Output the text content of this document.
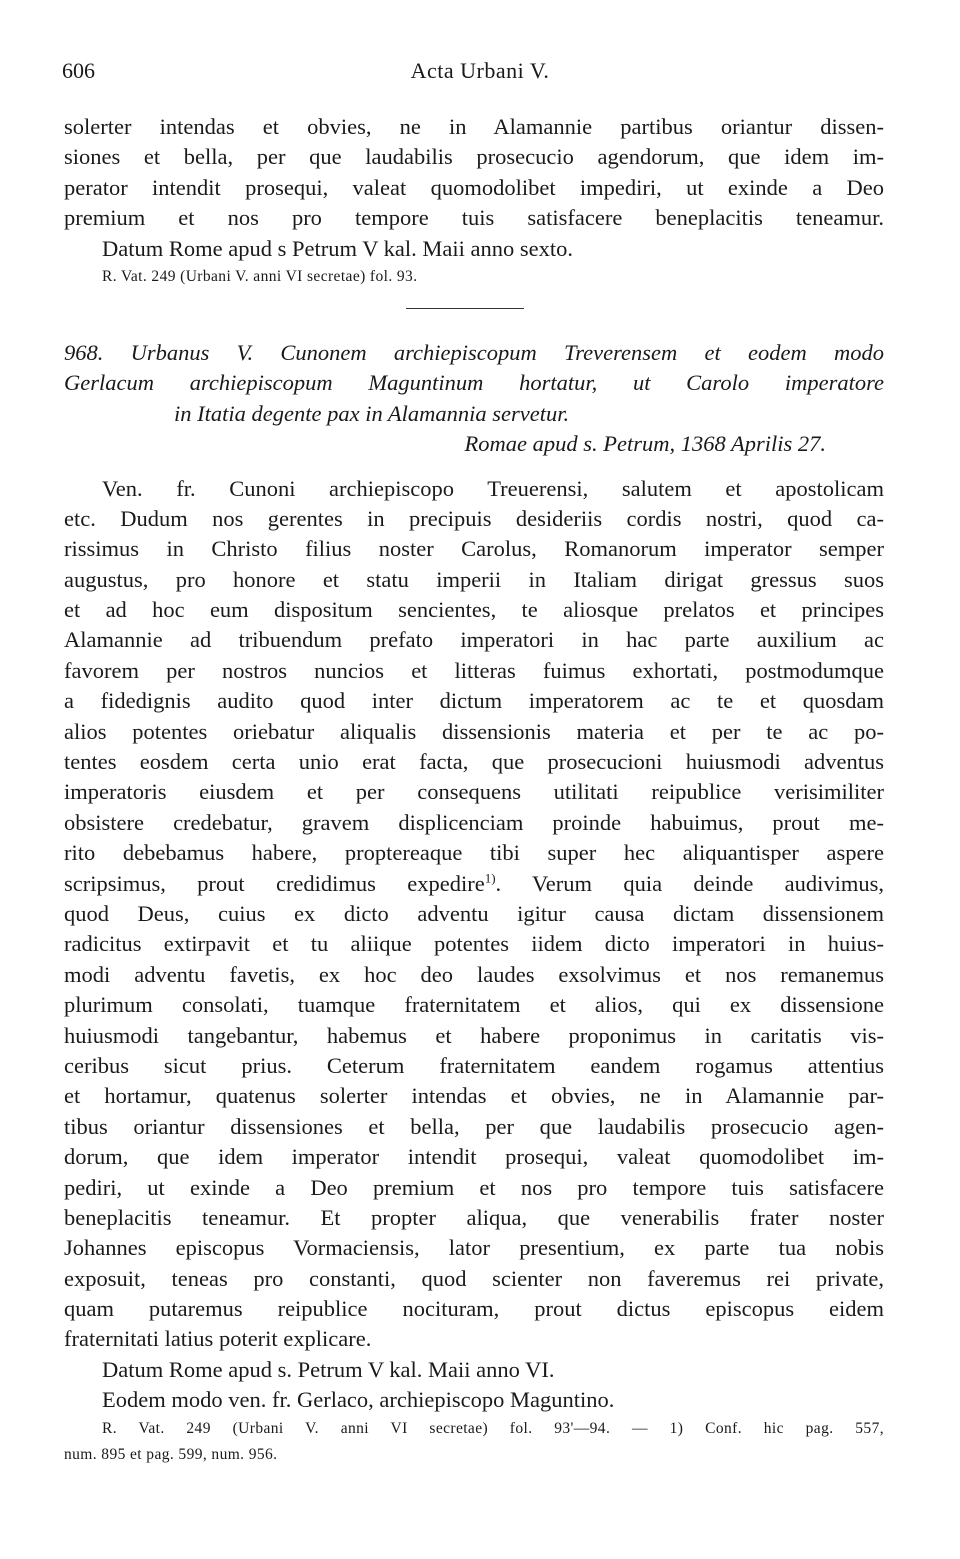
606	Acta Urbani V.
solerter intendas et obvies, ne in Alamannie partibus oriantur dissen-
siones et bella, per que laudabilis prosecucio agendorum, que idem im-
perator intendit prosequi, valeat quomodolibet impediri, ut exinde a Deo
premium et nos pro tempore tuis satisfacere beneplacitis teneamur.
Datum Rome apud s Petrum V kal. Maii anno sexto.
R. Vat. 249 (Urbani V. anni VI secretae) fol. 93.
968. Urbanus V. Cunonem archiepiscopum Treverensem et eodem modo
Gerlacum archiepiscopum Maguntinum hortatur, ut Carolo imperatore
in Itatia degente pax in Alamannia servetur.
Romae apud s. Petrum, 1368 Aprilis 27.
Ven. fr. Cunoni archiepiscopo Treuerensi, salutem et apostolicam
etc. Dudum nos gerentes in precipuis desideriis cordis nostri, quod ca-
rissimus in Christo filius noster Carolus, Romanorum imperator semper
augustus, pro honore et statu imperii in Italiam dirigat gressus suos
et ad hoc eum dispositum sencientes, te aliosque prelatos et principes
Alamannie ad tribuendum prefato imperatori in hac parte auxilium ac
favorem per nostros nuncios et litteras fuimus exhortati, postmodumque
a fidedignis audito quod inter dictum imperatorem ac te et quosdam
alios potentes oriebatur aliqualis dissensionis materia et per te ac po-
tentes eosdem certa unio erat facta, que prosecucioni huiusmodi adventus
imperatoris eiusdem et per consequens utilitati reipublice verisimiliter
obsistere credebatur, gravem displicenciam proinde habuimus, prout me-
rito debebamus habere, proptereaque tibi super hec aliquantisper aspere
scripsimus, prout credidimus expedire$^{1)}$. Verum quia deinde audivimus,
quod Deus, cuius ex dicto adventu igitur causa dictam dissensionem
radicitus extirpavit et tu aliique potentes iidem dicto imperatori in huius-
modi adventu favetis, ex hoc deo laudes exsolvimus et nos remanemus
plurimum consolati, tuamque fraternitatem et alios, qui ex dissensione
huiusmodi tangebantur, habemus et habere proponimus in caritatis vis-
ceribus sicut prius. Ceterum fraternitatem eandem rogamus attentius
et hortamur, quatenus solerter intendas et obvies, ne in Alamannie par-
tibus oriantur dissensiones et bella, per que laudabilis prosecucio agen-
dorum, que idem imperator intendit prosequi, valeat quomodolibet im-
pediri, ut exinde a Deo premium et nos pro tempore tuis satisfacere
beneplacitis teneamur. Et propter aliqua, que venerabilis frater noster
Johannes episcopus Vormaciensis, lator presentium, ex parte tua nobis
exposuit, teneas pro constanti, quod scienter non faveremus rei private,
quam putaremus reipublice nocituram, prout dictus episcopus eidem
fraternitati latius poterit explicare.
Datum Rome apud s. Petrum V kal. Maii anno VI.
Eodem modo ven. fr. Gerlaco, archiepiscopo Maguntino.
R. Vat. 249 (Urbani V. anni VI secretae) fol. 93'—94. — 1) Conf. hic pag. 557,
num. 895 et pag. 599, num. 956.
